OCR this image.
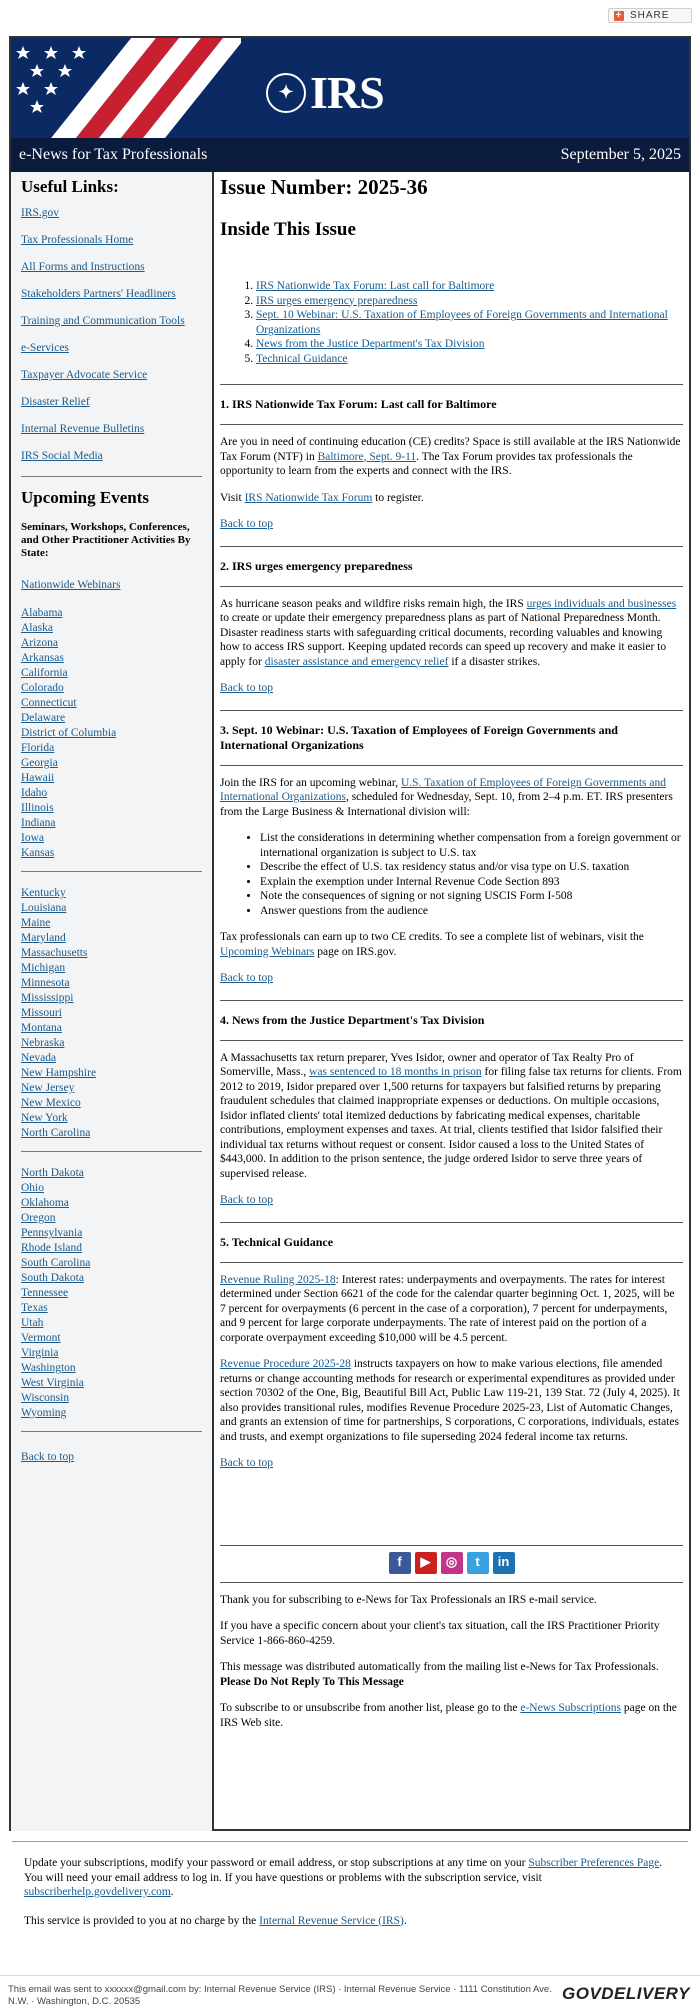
+ SHARE
✦ IRS
e-News for Tax Professionals	September 5, 2025
Useful Links:
IRS.gov
Tax Professionals Home
All Forms and Instructions
Stakeholders Partners' Headliners
Training and Communication Tools
e-Services
Taxpayer Advocate Service
Disaster Relief
Internal Revenue Bulletins
IRS Social Media
Upcoming Events
Seminars, Workshops, Conferences, and Other Practitioner Activities By State:
Nationwide Webinars
Alabama
Alaska
Arizona
Arkansas
California
Colorado
Connecticut
Delaware
District of Columbia
Florida
Georgia
Hawaii
Idaho
Illinois
Indiana
Iowa
Kansas
Kentucky
Louisiana
Maine
Maryland
Massachusetts
Michigan
Minnesota
Mississippi
Missouri
Montana
Nebraska
Nevada
New Hampshire
New Jersey
New Mexico
New York
North Carolina
North Dakota
Ohio
Oklahoma
Oregon
Pennsylvania
Rhode Island
South Carolina
South Dakota
Tennessee
Texas
Utah
Vermont
Virginia
Washington
West Virginia
Wisconsin
Wyoming
Back to top
Issue Number: 2025-36
Inside This Issue
1. IRS Nationwide Tax Forum: Last call for Baltimore
2. IRS urges emergency preparedness
3. Sept. 10 Webinar: U.S. Taxation of Employees of Foreign Governments and International Organizations
4. News from the Justice Department's Tax Division
5. Technical Guidance
1. IRS Nationwide Tax Forum: Last call for Baltimore

Are you in need of continuing education (CE) credits? Space is still available at the IRS Nationwide Tax Forum (NTF) in Baltimore, Sept. 9-11. The Tax Forum provides tax professionals the opportunity to learn from the experts and connect with the IRS.

Visit IRS Nationwide Tax Forum to register.

Back to top
2. IRS urges emergency preparedness

As hurricane season peaks and wildfire risks remain high, the IRS urges individuals and businesses to create or update their emergency preparedness plans as part of National Preparedness Month. Disaster readiness starts with safeguarding critical documents, recording valuables and knowing how to access IRS support. Keeping updated records can speed up recovery and make it easier to apply for disaster assistance and emergency relief if a disaster strikes.

Back to top
3. Sept. 10 Webinar: U.S. Taxation of Employees of Foreign Governments and International Organizations

Join the IRS for an upcoming webinar, U.S. Taxation of Employees of Foreign Governments and International Organizations, scheduled for Wednesday, Sept. 10, from 2–4 p.m. ET. IRS presenters from the Large Business & International division will:

• List the considerations in determining whether compensation from a foreign government or international organization is subject to U.S. tax
• Describe the effect of U.S. tax residency status and/or visa type on U.S. taxation
• Explain the exemption under Internal Revenue Code Section 893
• Note the consequences of signing or not signing USCIS Form I-508
• Answer questions from the audience

Tax professionals can earn up to two CE credits. To see a complete list of webinars, visit the Upcoming Webinars page on IRS.gov.

Back to top
4. News from the Justice Department's Tax Division

A Massachusetts tax return preparer, Yves Isidor, owner and operator of Tax Realty Pro of Somerville, Mass., was sentenced to 18 months in prison for filing false tax returns for clients. From 2012 to 2019, Isidor prepared over 1,500 returns for taxpayers but falsified returns by preparing fraudulent schedules that claimed inappropriate expenses or deductions. On multiple occasions, Isidor inflated clients' total itemized deductions by fabricating medical expenses, charitable contributions, employment expenses and taxes. At trial, clients testified that Isidor falsified their individual tax returns without request or consent. Isidor caused a loss to the United States of $443,000. In addition to the prison sentence, the judge ordered Isidor to serve three years of supervised release.

Back to top
5. Technical Guidance

Revenue Ruling 2025-18: Interest rates: underpayments and overpayments. The rates for interest determined under Section 6621 of the code for the calendar quarter beginning Oct. 1, 2025, will be 7 percent for overpayments (6 percent in the case of a corporation), 7 percent for underpayments, and 9 percent for large corporate underpayments. The rate of interest paid on the portion of a corporate overpayment exceeding $10,000 will be 4.5 percent.

Revenue Procedure 2025-28 instructs taxpayers on how to make various elections, file amended returns or change accounting methods for research or experimental expenditures as provided under section 70302 of the One, Big, Beautiful Bill Act, Public Law 119-21, 139 Stat. 72 (July 4, 2025). It also provides transitional rules, modifies Revenue Procedure 2025-23, List of Automatic Changes, and grants an extension of time for partnerships, S corporations, C corporations, individuals, estates and trusts, and exempt organizations to file superseding 2024 federal income tax returns.

Back to top
f	▶	◎	t	in

Thank you for subscribing to e-News for Tax Professionals an IRS e-mail service.

If you have a specific concern about your client's tax situation, call the IRS Practitioner Priority Service 1-866-860-4259.

This message was distributed automatically from the mailing list e-News for Tax Professionals.
Please Do Not Reply To This Message

To subscribe to or unsubscribe from another list, please go to the e-News Subscriptions page on the IRS Web site.

Update your subscriptions, modify your password or email address, or stop subscriptions at any time on your Subscriber Preferences Page. You will need your email address to log in. If you have questions or problems with the subscription service, visit subscriberhelp.govdelivery.com.

This service is provided to you at no charge by the Internal Revenue Service (IRS).

This email was sent to xxxxxx@gmail.com by: Internal Revenue Service (IRS) · Internal Revenue Service · 1111 Constitution Ave. N.W. · Washington, D.C. 20535	GOVDELIVERY
